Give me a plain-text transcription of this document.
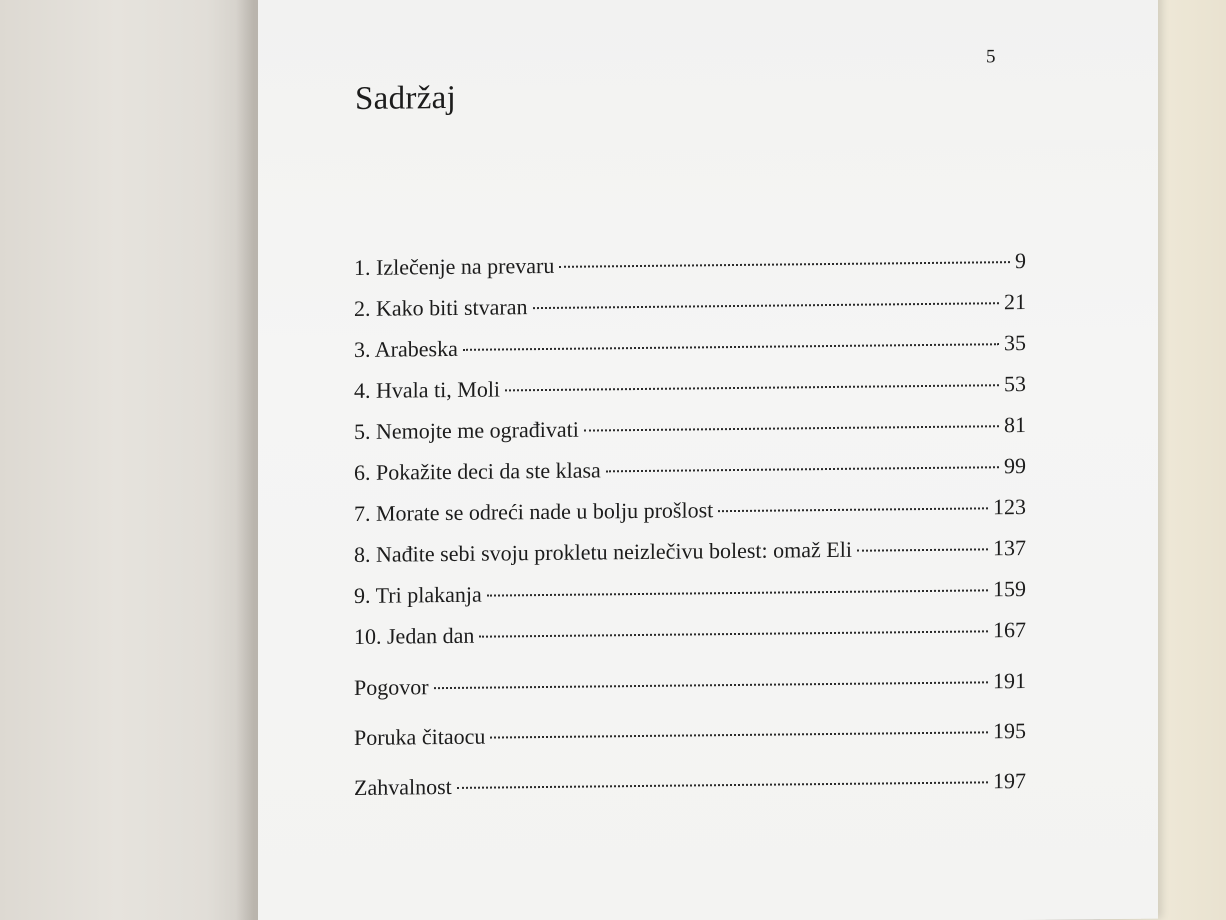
5
Sadržaj
1. Izlečenje na prevaru	9
2. Kako biti stvaran	21
3. Arabeska	35
4. Hvala ti, Moli	53
5. Nemojte me ograđivati	81
6. Pokažite deci da ste klasa	99
7. Morate se odreći nade u bolju prošlost	123
8. Nađite sebi svoju prokletu neizlečivu bolest: omaž Eli	137
9. Tri plakanja	159
10. Jedan dan	167
Pogovor	191
Poruka čitaocu	195
Zahvalnost	197
